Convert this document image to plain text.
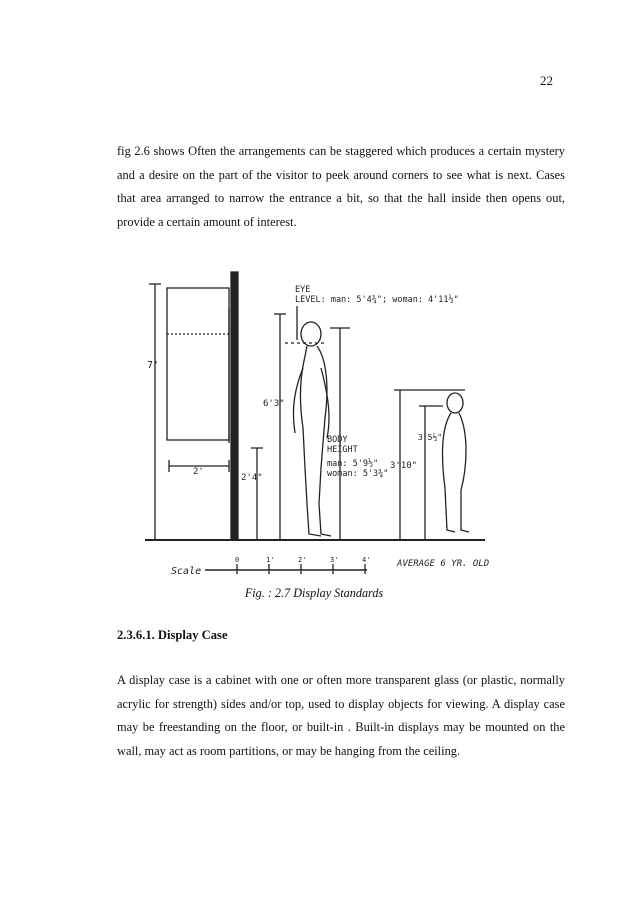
22

fig 2.6 shows Often the arrangements can be staggered which produces a certain mystery and a desire on the part of the visitor to peek around corners to see what is next. Cases that area arranged to narrow the entrance a bit, so that the hall inside then opens out, provide a certain amount of interest.

EYE
LEVEL: man: 5'4¾"; woman: 4'11½"
7'
2'
2'4"
6'3"
BODY
HEIGHT
man: 5'9½"
woman: 5'3¾"
3'10"
3'5½"
Scale
AVERAGE 6 YR. OLD
0	1'	2'	3'	4'
Fig. : 2.7 Display Standards
2.3.6.1. Display Case

A display case is a cabinet with one or often more transparent glass (or plastic, normally acrylic for strength) sides and/or top, used to display objects for viewing. A display case may be freestanding on the floor, or built-in . Built-in displays may be mounted on the wall, may act as room partitions, or may be hanging from the ceiling.
